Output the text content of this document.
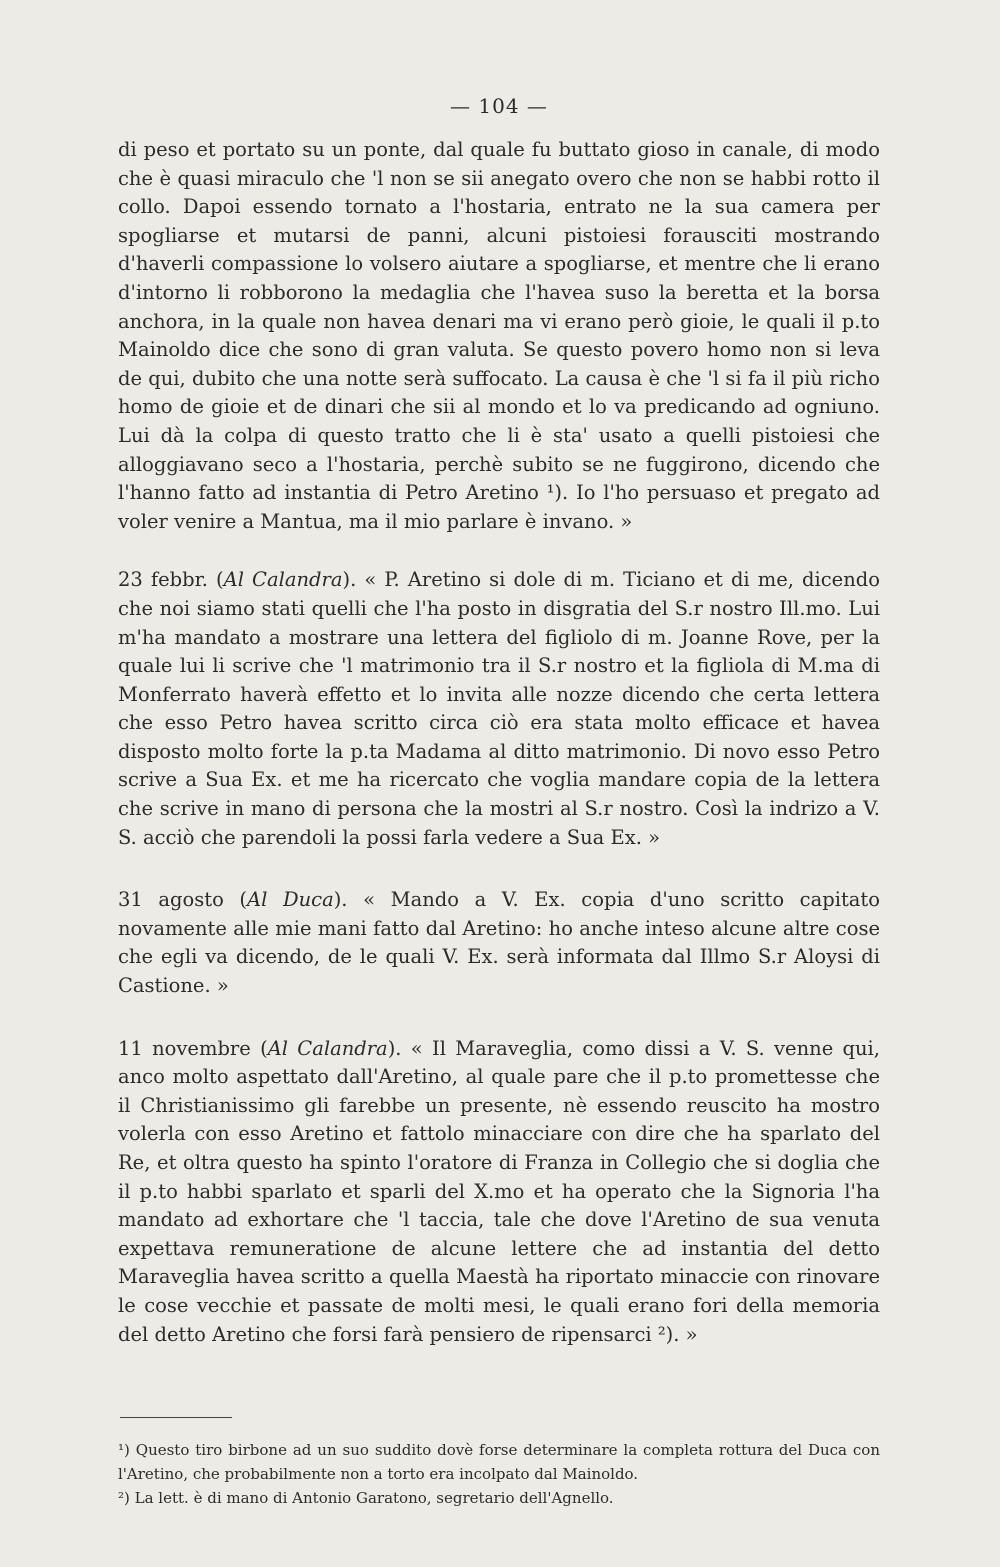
— 104 —

di peso et portato su un ponte, dal quale fu buttato gioso in canale, di modo che è quasi miraculo che 'l non se sii anegato overo che non se habbi rotto il collo. Dapoi essendo tornato a l'hostaria, entrato ne la sua camera per spogliarse et mutarsi de panni, alcuni pistoiesi forausciti mostrando d'haverli compassione lo volsero aiutare a spogliarse, et mentre che li erano d'intorno li robborono la medaglia che l'havea suso la beretta et la borsa anchora, in la quale non havea denari ma vi erano però gioie, le quali il p.to Mainoldo dice che sono di gran valuta. Se questo povero homo non si leva de qui, dubito che una notte serà suffocato. La causa è che 'l si fa il più richo homo de gioie et de dinari che sii al mondo et lo va predicando ad ogniuno. Lui dà la colpa di questo tratto che li è sta' usato a quelli pistoiesi che alloggiavano seco a l'hostaria, perchè subito se ne fuggirono, dicendo che l'hanno fatto ad instantia di Petro Aretino ¹). Io l'ho persuaso et pregato ad voler venire a Mantua, ma il mio parlare è invano. »

23 febbr. (Al Calandra). « P. Aretino si dole di m. Ticiano et di me, dicendo che noi siamo stati quelli che l'ha posto in disgratia del S.r nostro Ill.mo. Lui m'ha mandato a mostrare una lettera del figliolo di m. Joanne Rove, per la quale lui li scrive che 'l matrimonio tra il S.r nostro et la figliola di M.ma di Monferrato haverà effetto et lo invita alle nozze dicendo che certa lettera che esso Petro havea scritto circa ciò era stata molto efficace et havea disposto molto forte la p.ta Madama al ditto matrimonio. Di novo esso Petro scrive a Sua Ex. et me ha ricercato che voglia mandare copia de la lettera che scrive in mano di persona che la mostri al S.r nostro. Così la indrizo a V. S. acciò che parendoli la possi farla vedere a Sua Ex. »

31 agosto (Al Duca). « Mando a V. Ex. copia d'uno scritto capitato novamente alle mie mani fatto dal Aretino: ho anche inteso alcune altre cose che egli va dicendo, de le quali V. Ex. serà informata dal Illmo S.r Aloysi di Castione. »

11 novembre (Al Calandra). « Il Maraveglia, como dissi a V. S. venne qui, anco molto aspettato dall'Aretino, al quale pare che il p.to promettesse che il Christianissimo gli farebbe un presente, nè essendo reuscito ha mostro volerla con esso Aretino et fattolo minacciare con dire che ha sparlato del Re, et oltra questo ha spinto l'oratore di Franza in Collegio che si doglia che il p.to habbi sparlato et sparli del X.mo et ha operato che la Signoria l'ha mandato ad exhortare che 'l taccia, tale che dove l'Aretino de sua venuta expettava remuneratione de alcune lettere che ad instantia del detto Maraveglia havea scritto a quella Maestà ha riportato minaccie con rinovare le cose vecchie et passate de molti mesi, le quali erano fori della memoria del detto Aretino che forsi farà pensiero de ripensarci ²). »

¹) Questo tiro birbone ad un suo suddito dovè forse determinare la completa rottura del Duca con l'Aretino, che probabilmente non a torto era incolpato dal Mainoldo.

²) La lett. è di mano di Antonio Garatono, segretario dell'Agnello.
